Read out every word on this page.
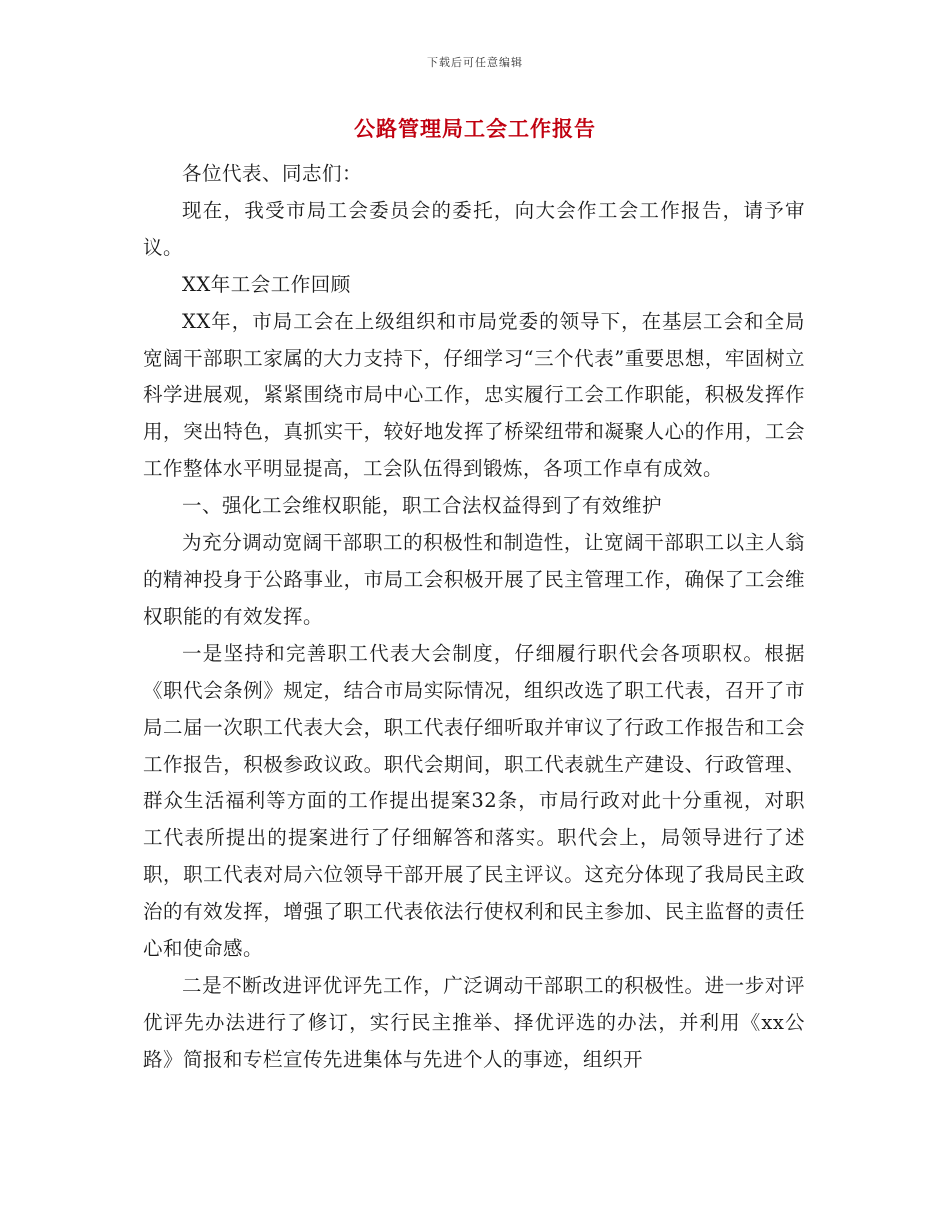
下载后可任意编辑
公路管理局工会工作报告

各位代表、同志们：

现在，我受市局工会委员会的委托，向大会作工会工作报告，请予审议。

XX年工会工作回顾

XX年，市局工会在上级组织和市局党委的领导下，在基层工会和全局宽阔干部职工家属的大力支持下，仔细学习“三个代表”重要思想，牢固树立科学进展观，紧紧围绕市局中心工作，忠实履行工会工作职能，积极发挥作用，突出特色，真抓实干，较好地发挥了桥梁纽带和凝聚人心的作用，工会工作整体水平明显提高，工会队伍得到锻炼，各项工作卓有成效。

一、强化工会维权职能，职工合法权益得到了有效维护

为充分调动宽阔干部职工的积极性和制造性，让宽阔干部职工以主人翁的精神投身于公路事业，市局工会积极开展了民主管理工作，确保了工会维权职能的有效发挥。

一是坚持和完善职工代表大会制度，仔细履行职代会各项职权。根据《职代会条例》规定，结合市局实际情况，组织改选了职工代表，召开了市局二届一次职工代表大会，职工代表仔细听取并审议了行政工作报告和工会工作报告，积极参政议政。职代会期间，职工代表就生产建设、行政管理、群众生活福利等方面的工作提出提案32条，市局行政对此十分重视，对职工代表所提出的提案进行了仔细解答和落实。职代会上，局领导进行了述职，职工代表对局六位领导干部开展了民主评议。这充分体现了我局民主政治的有效发挥，增强了职工代表依法行使权利和民主参加、民主监督的责任心和使命感。

二是不断改进评优评先工作，广泛调动干部职工的积极性。进一步对评优评先办法进行了修订，实行民主推举、择优评选的办法，并利用《xx公路》简报和专栏宣传先进集体与先进个人的事迹，组织开
